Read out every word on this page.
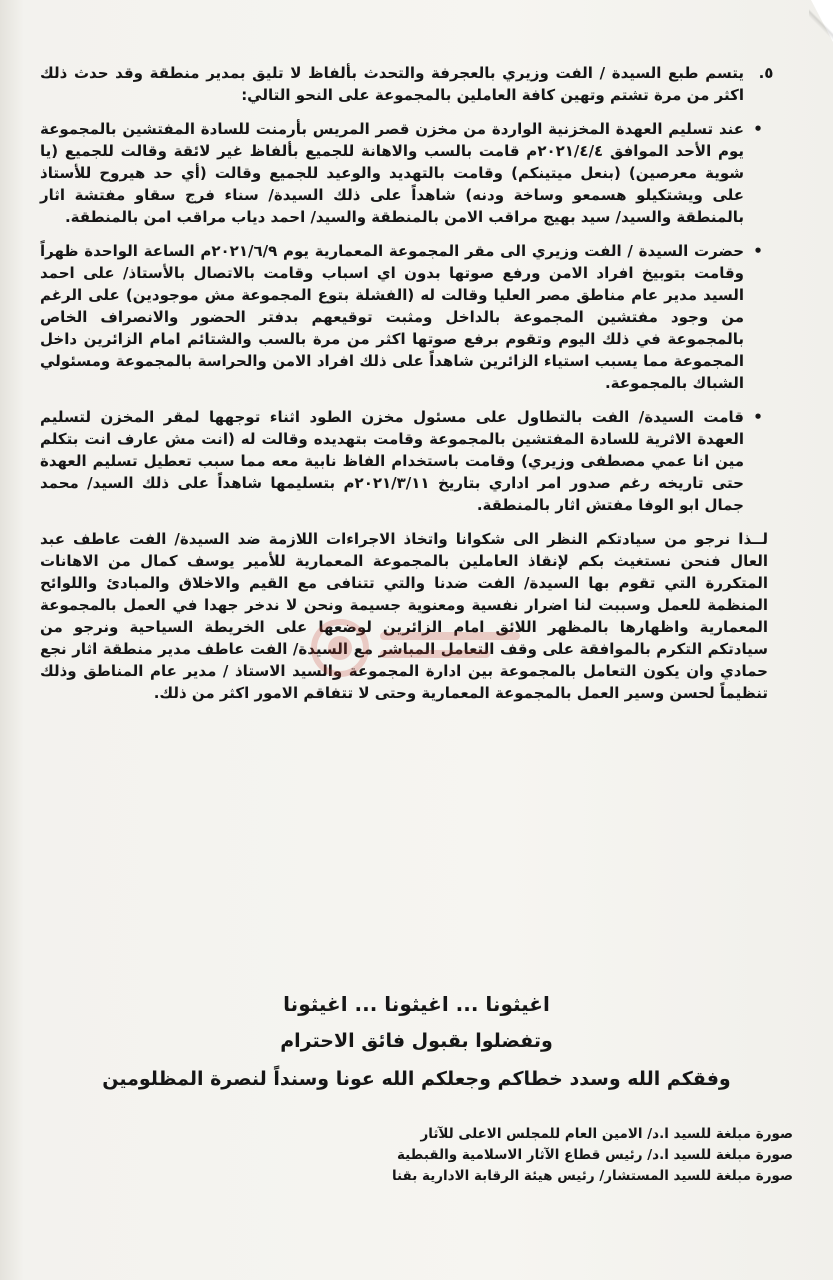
٥.

يتسم طبع السيدة / الفت وزيري بالعجرفة والتحدث بألفاظ لا تليق بمدير منطقة وقد حدث ذلك اكثر من مرة تشتم وتهين كافة العاملين بالمجموعة على النحو التالي:

•

عند تسليم العهدة المخزنية الواردة من مخزن قصر المريس بأرمنت للسادة المفتشين بالمجموعة يوم الأحد الموافق ٢٠٢١/٤/٤م قامت بالسب والاهانة للجميع بألفاظ غير لائقة وقالت للجميع (يا شوية معرصين) (بنعل ميتينكم) وقامت بالتهديد والوعيد للجميع وقالت (أي حد هيروح للأستاذ على ويشتكيلو هسمعو وساخة ودنه) شاهداً على ذلك السيدة/ سناء فرج سقاو مفتشة اثار بالمنطقة والسيد/ سيد بهيج مراقب الامن بالمنطقة والسيد/ احمد دياب مراقب امن بالمنطقة.

•

حضرت السيدة / الفت وزيري الى مقر المجموعة المعمارية يوم ٢٠٢١/٦/٩م الساعة الواحدة ظهراً وقامت بتوبيخ افراد الامن ورفع صوتها بدون اي اسباب وقامت بالاتصال بالأستاذ/ على احمد السيد مدير عام مناطق مصر العليا وقالت له (الفشلة بتوع المجموعة مش موجودين) على الرغم من وجود مفتشين المجموعة بالداخل ومثبت توقيعهم بدفتر الحضور والانصراف الخاص بالمجموعة في ذلك اليوم وتقوم برفع صوتها اكثر من مرة بالسب والشتائم امام الزائرين داخل المجموعة مما يسبب استياء الزائرين شاهداً على ذلك افراد الامن والحراسة بالمجموعة ومسئولي الشباك بالمجموعة.

•

قامت السيدة/ الفت بالتطاول على مسئول مخزن الطود اثناء توجهها لمقر المخزن لتسليم العهدة الاثرية للسادة المفتشين بالمجموعة وقامت بتهديده وقالت له (انت مش عارف انت بتكلم مين انا عمي مصطفى وزيري) وقامت باستخدام الفاظ نابية معه مما سبب تعطيل تسليم العهدة حتى تاريخه رغم صدور امر اداري بتاريخ ٢٠٢١/٣/١١م بتسليمها شاهداً على ذلك السيد/ محمد جمال ابو الوفا مفتش اثار بالمنطقة.

لــذا نرجو من سيادتكم النظر الى شكوانا واتخاذ الاجراءات اللازمة ضد السيدة/ الفت عاطف عبد العال فنحن نستغيث بكم لإنقاذ العاملين بالمجموعة المعمارية للأمير يوسف كمال من الاهانات المتكررة التي تقوم بها السيدة/ الفت ضدنا والتي تتنافى مع القيم والاخلاق والمبادئ واللوائح المنظمة للعمل وسببت لنا اضرار نفسية ومعنوية جسيمة ونحن لا ندخر جهدا في العمل بالمجموعة المعمارية واظهارها بالمظهر اللائق امام الزائرين لوضعها على الخريطة السياحية ونرجو من سيادتكم التكرم بالموافقة على وقف التعامل المباشر مع السيدة/ الفت عاطف مدير منطقة اثار نجع حمادي وان يكون التعامل بالمجموعة بين ادارة المجموعة والسيد الاستاذ / مدير عام المناطق وذلك تنظيماً لحسن وسير العمل بالمجموعة المعمارية وحتى لا تتفاقم الامور اكثر من ذلك.

اغيثونا ... اغيثونا ... اغيثونا
وتفضلوا بقبول فائق الاحترام
وفقكم الله وسدد خطاكم وجعلكم الله عونا وسنداً لنصرة المظلومين
صورة مبلغة للسيد ا.د/ الامين العام للمجلس الاعلى للآثار
صورة مبلغة للسيد ا.د/ رئيس قطاع الآثار الاسلامية والقبطية
صورة مبلغة للسيد المستشار/ رئيس هيئة الرقابة الادارية بقنا
